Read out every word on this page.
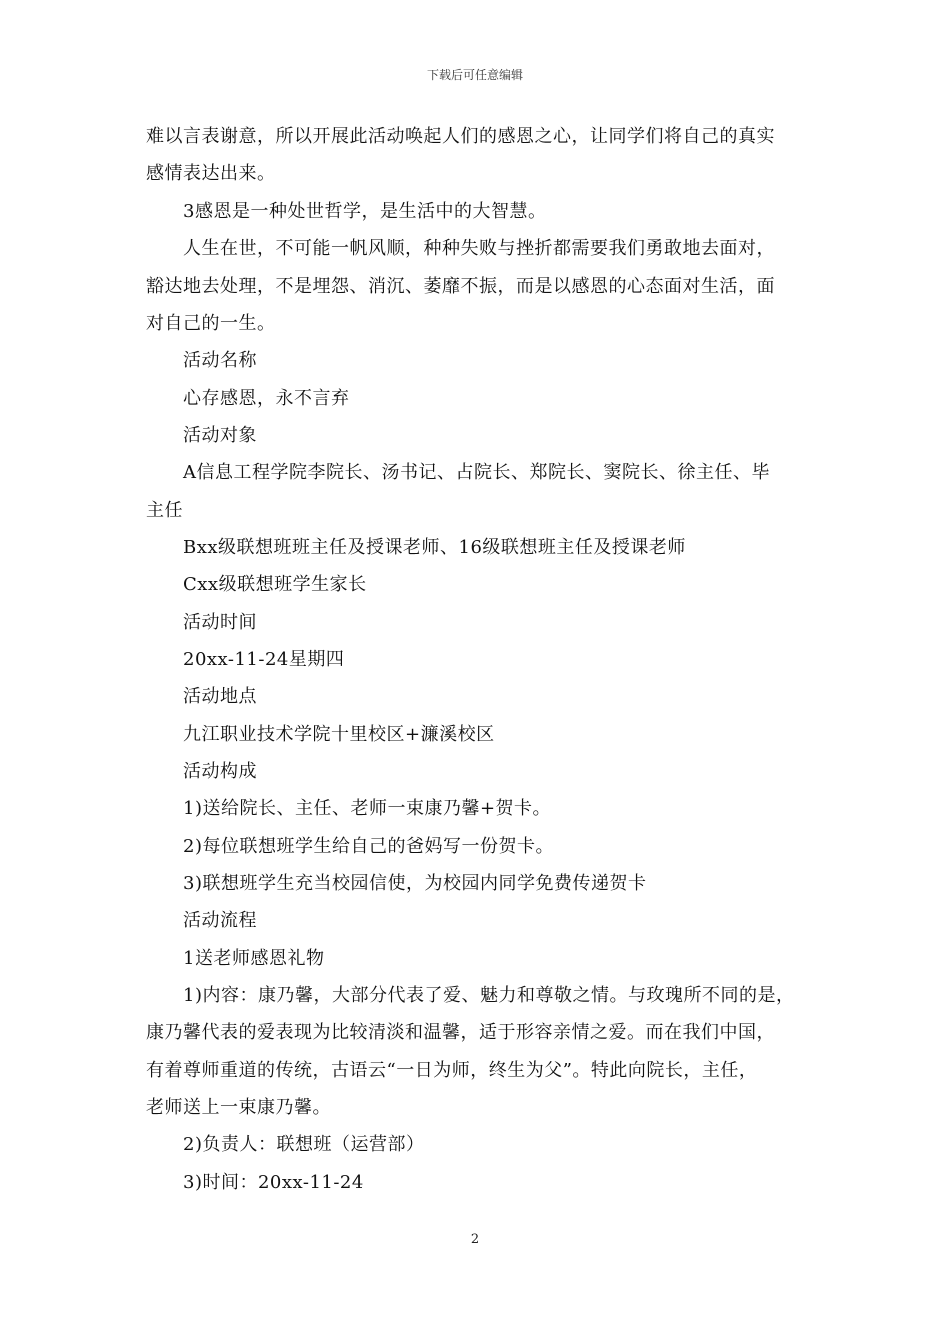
下载后可任意编辑
难以言表谢意，所以开展此活动唤起人们的感恩之心，让同学们将自己的真实
感情表达出来。
3感恩是一种处世哲学，是生活中的大智慧。
人生在世，不可能一帆风顺，种种失败与挫折都需要我们勇敢地去面对，
豁达地去处理，不是埋怨、消沉、萎靡不振，而是以感恩的心态面对生活，面
对自己的一生。
活动名称
心存感恩，永不言弃
活动对象
A信息工程学院李院长、汤书记、占院长、郑院长、窦院长、徐主任、毕
主任
Bxx级联想班班主任及授课老师、16级联想班主任及授课老师
Cxx级联想班学生家长
活动时间
20xx-11-24星期四
活动地点
九江职业技术学院十里校区+濂溪校区
活动构成
1)送给院长、主任、老师一束康乃馨+贺卡。
2)每位联想班学生给自己的爸妈写一份贺卡。
3)联想班学生充当校园信使，为校园内同学免费传递贺卡
活动流程
1送老师感恩礼物
1)内容：康乃馨，大部分代表了爱、魅力和尊敬之情。与玫瑰所不同的是，
康乃馨代表的爱表现为比较清淡和温馨，适于形容亲情之爱。而在我们中国，
有着尊师重道的传统，古语云“一日为师，终生为父”。特此向院长，主任，
老师送上一束康乃馨。
2)负责人：联想班（运营部）
3)时间：20xx-11-24
2
